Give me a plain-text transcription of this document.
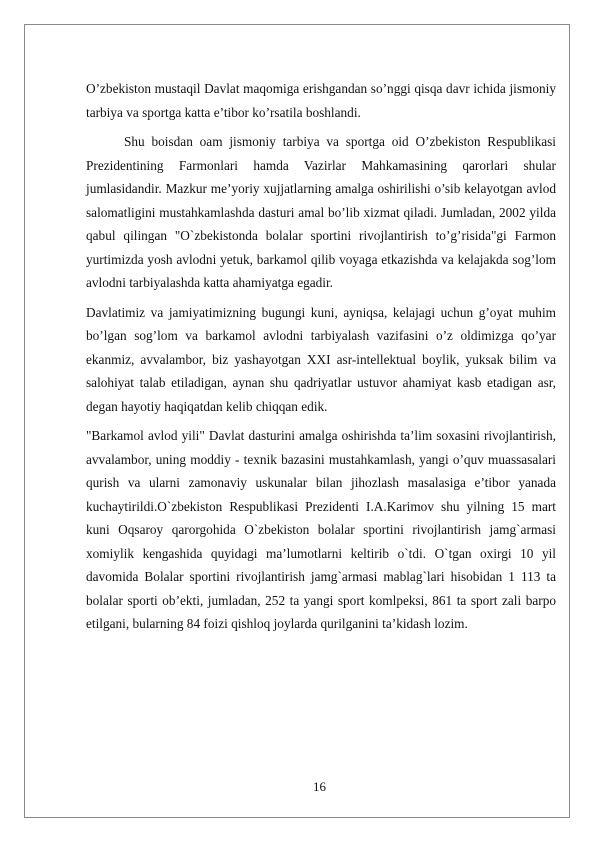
O’zbekiston mustaqil Davlat maqomiga erishgandan so’nggi qisqa davr ichida jismoniy tarbiya va sportga katta e’tibor ko’rsatila boshlandi.

Shu boisdan oam jismoniy tarbiya va sportga oid O’zbekiston Respublikasi Prezidentining Farmonlari hamda Vazirlar Mahkamasining qarorlari shular jumlasidandir. Mazkur me’yoriy xujjatlarning amalga oshirilishi o’sib kelayotgan avlod salomatligini mustahkamlashda dasturi amal bo’lib xizmat qiladi. Jumladan, 2002 yilda qabul qilingan "O`zbekistonda bolalar sportini rivojlantirish to’g’risida"gi Farmon yurtimizda yosh avlodni yetuk, barkamol qilib voyaga etkazishda va kelajakda sog’lom avlodni tarbiyalashda katta ahamiyatga egadir.

Davlatimiz va jamiyatimizning bugungi kuni, ayniqsa, kelajagi uchun g’oyat muhim bo’lgan sog’lom va barkamol avlodni tarbiyalash vazifasini o’z oldimizga qo’yar ekanmiz, avvalambor, biz yashayotgan XXI asr-intellektual boylik, yuksak bilim va salohiyat talab etiladigan, aynan shu qadriyatlar ustuvor ahamiyat kasb etadigan asr, degan hayotiy haqiqatdan kelib chiqqan edik.

"Barkamol avlod yili" Davlat dasturini amalga oshirishda ta’lim soxasini rivojlantirish, avvalambor, uning moddiy - texnik bazasini mustahkamlash, yangi o’quv muassasalari qurish va ularni zamonaviy uskunalar bilan jihozlash masalasiga e’tibor yanada kuchaytirildi.O`zbekiston Respublikasi Prezidenti I.A.Karimov shu yilning 15 mart kuni Oqsaroy qarorgohida O`zbekiston bolalar sportini rivojlantirish jamg`armasi xomiylik kengashida quyidagi ma’lumotlarni keltirib o`tdi. O`tgan oxirgi 10 yil davomida Bolalar sportini rivojlantirish jamg`armasi mablag`lari hisobidan 1 113 ta bolalar sporti ob’ekti, jumladan, 252 ta yangi sport komlpeksi, 861 ta sport zali barpo etilgani, bularning 84 foizi qishloq joylarda qurilganini ta’kidash lozim.

16
